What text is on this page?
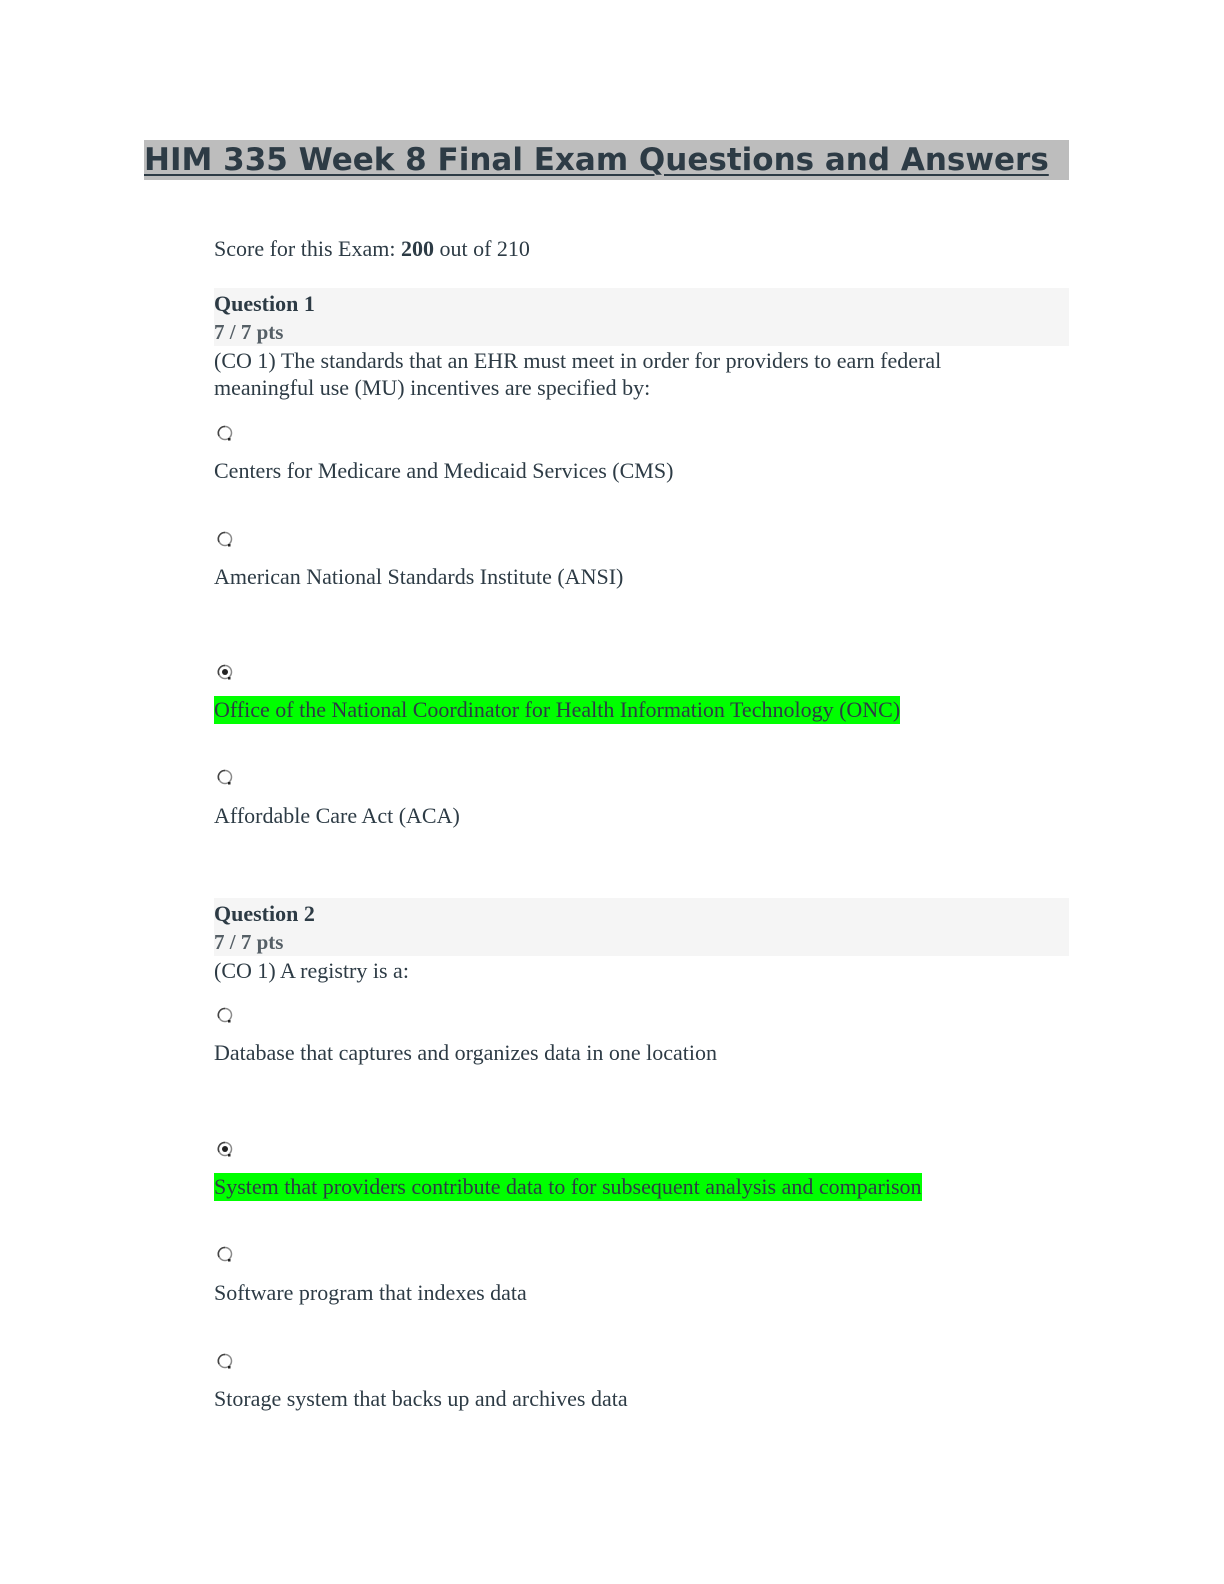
HIM 335 Week 8 Final Exam Questions and Answers
Score for this Exam: 200 out of 210
Question 1
7 / 7 pts
(CO 1) The standards that an EHR must meet in order for providers to earn federal meaningful use (MU) incentives are specified by:
Centers for Medicare and Medicaid Services (CMS)
American National Standards Institute (ANSI)
Office of the National Coordinator for Health Information Technology (ONC)
Affordable Care Act (ACA)
Question 2
7 / 7 pts
(CO 1) A registry is a:
Database that captures and organizes data in one location
System that providers contribute data to for subsequent analysis and comparison
Software program that indexes data
Storage system that backs up and archives data
